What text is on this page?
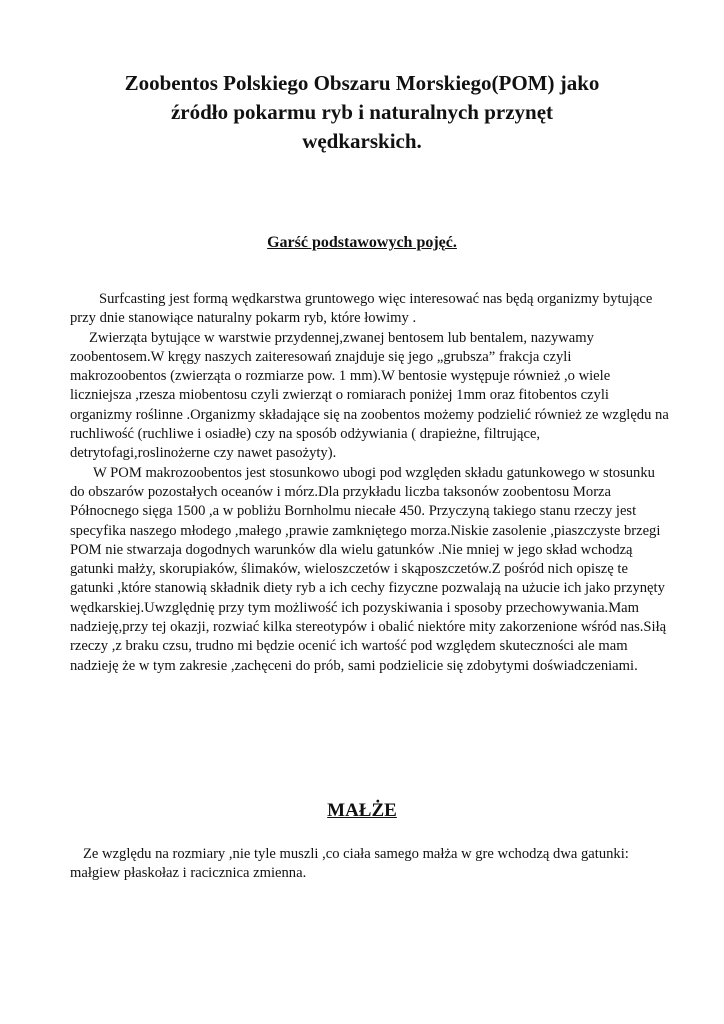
Zoobentos Polskiego Obszaru Morskiego(POM) jako
źródło pokarmu ryb i naturalnych przynęt
wędkarskich.
Garść podstawowych pojęć.

Surfcasting jest formą wędkarstwa gruntowego więc interesować nas będą organizmy bytujące przy dnie stanowiące naturalny pokarm ryb, które łowimy .

Zwierząta bytujące w warstwie przydennej,zwanej bentosem lub bentalem, nazywamy zoobentosem.W kręgy naszych zaiteresowań znajduje się jego „grubsza” frakcja czyli makrozoobentos (zwierząta o rozmiarze pow. 1 mm).W bentosie występuje również ,o wiele liczniejsza ,rzesza miobentosu czyli zwierząt o romiarach poniżej 1mm oraz fitobentos czyli organizmy roślinne .Organizmy składające się na zoobentos możemy podzielić również ze względu na ruchliwość (ruchliwe i osiadłe) czy na sposób odżywiania ( drapieżne, filtrujące, detrytofagi,roslinożerne czy nawet pasożyty).

W POM makrozoobentos jest stosunkowo ubogi pod względen składu gatunkowego w stosunku do obszarów pozostałych oceanów i mórz.Dla przykładu liczba taksonów zoobentosu Morza Północnego sięga 1500 ,a w pobliżu Bornholmu niecałe 450. Przyczyną takiego stanu rzeczy jest specyfika naszego młodego ,małego ,prawie zamkniętego morza.Niskie zasolenie ,piaszczyste brzegi POM nie stwarzaja dogodnych warunków dla wielu gatunków .Nie mniej w jego skład wchodzą gatunki małży, skorupiaków, ślimaków, wieloszczetów i skąposzczetów.Z pośród nich opiszę te gatunki ,które stanowią składnik diety ryb a ich cechy fizyczne pozwalają na użucie ich jako przynęty wędkarskiej.Uwzględnię przy tym możliwość ich pozyskiwania i sposoby przechowywania.Mam nadzieję,przy tej okazji, rozwiać kilka stereotypów i obalić niektóre mity zakorzenione wśród nas.Siłą rzeczy ,z braku czsu, trudno mi będzie ocenić ich wartość pod względem skuteczności ale mam nadzieję że w tym zakresie ,zachęceni do prób, sami podzielicie się zdobytymi doświadczeniami.

MAŁŻE

Ze względu na rozmiary ,nie tyle muszli ,co ciała samego małża w gre wchodzą dwa gatunki: małgiew płaskołaz i racicznica zmienna.
